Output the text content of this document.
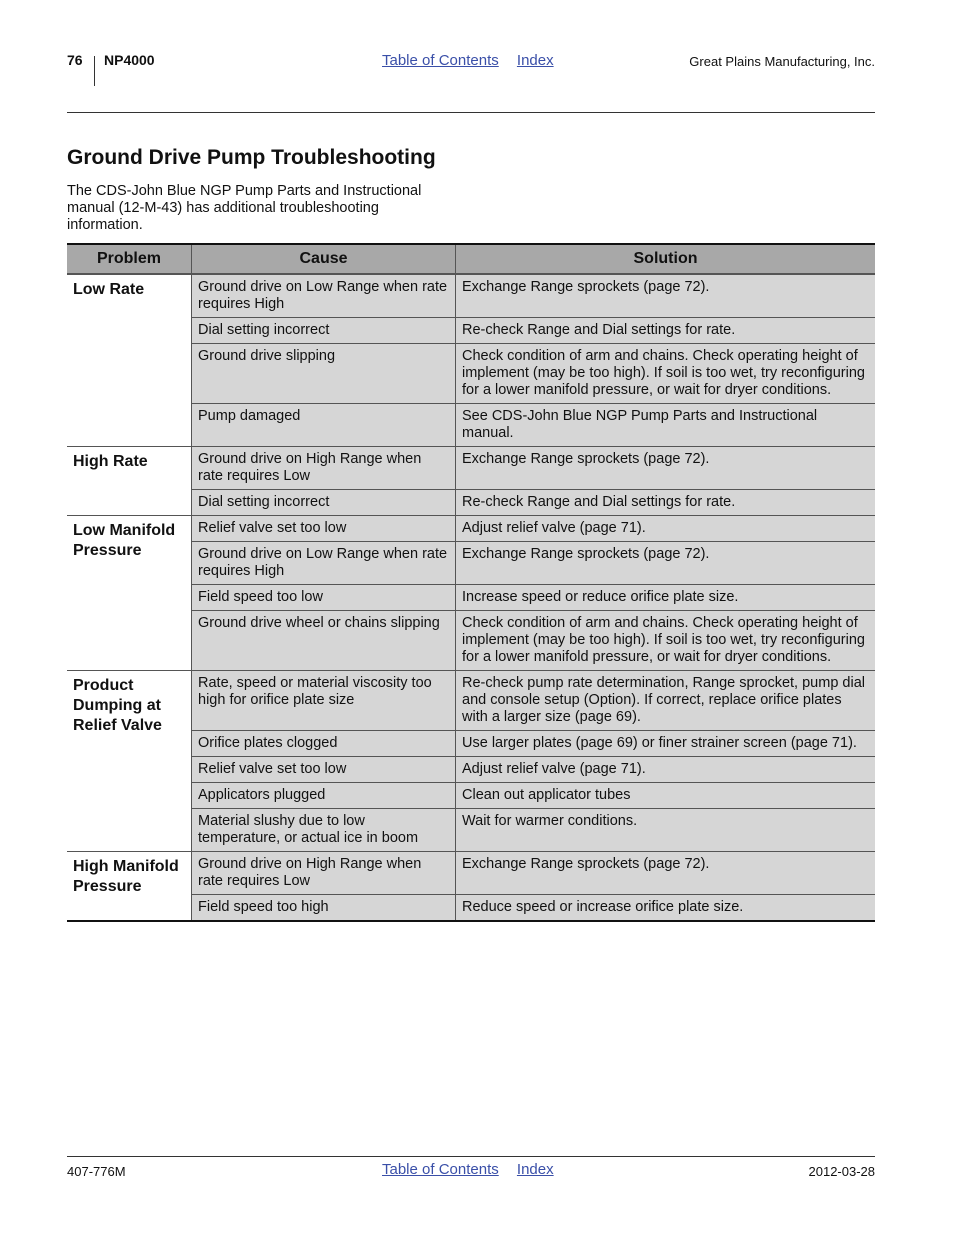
76 NP4000	Table of Contents Index	Great Plains Manufacturing, Inc.
Ground Drive Pump Troubleshooting

The CDS-John Blue NGP Pump Parts and Instructional manual (12-M-43) has additional troubleshooting information.

Problem	Cause	Solution
Low Rate	Ground drive on Low Range when rate requires High	Exchange Range sprockets (page 72).
	Dial setting incorrect	Re-check Range and Dial settings for rate.
	Ground drive slipping	Check condition of arm and chains. Check operating height of implement (may be too high). If soil is too wet, try reconfiguring for a lower manifold pressure, or wait for dryer conditions.
	Pump damaged	See CDS-John Blue NGP Pump Parts and Instructional manual.
High Rate	Ground drive on High Range when rate requires Low	Exchange Range sprockets (page 72).
	Dial setting incorrect	Re-check Range and Dial settings for rate.
Low Manifold Pressure	Relief valve set too low	Adjust relief valve (page 71).
	Ground drive on Low Range when rate requires High	Exchange Range sprockets (page 72).
	Field speed too low	Increase speed or reduce orifice plate size.
	Ground drive wheel or chains slipping	Check condition of arm and chains. Check operating height of implement (may be too high). If soil is too wet, try reconfiguring for a lower manifold pressure, or wait for dryer conditions.
Product Dumping at Relief Valve	Rate, speed or material viscosity too high for orifice plate size	Re-check pump rate determination, Range sprocket, pump dial and console setup (Option). If correct, replace orifice plates with a larger size (page 69).
	Orifice plates clogged	Use larger plates (page 69) or finer strainer screen (page 71).
	Relief valve set too low	Adjust relief valve (page 71).
	Applicators plugged	Clean out applicator tubes
	Material slushy due to low temperature, or actual ice in boom	Wait for warmer conditions.
High Manifold Pressure	Ground drive on High Range when rate requires Low	Exchange Range sprockets (page 72).
	Field speed too high	Reduce speed or increase orifice plate size.
407-776M	Table of Contents Index	2012-03-28
